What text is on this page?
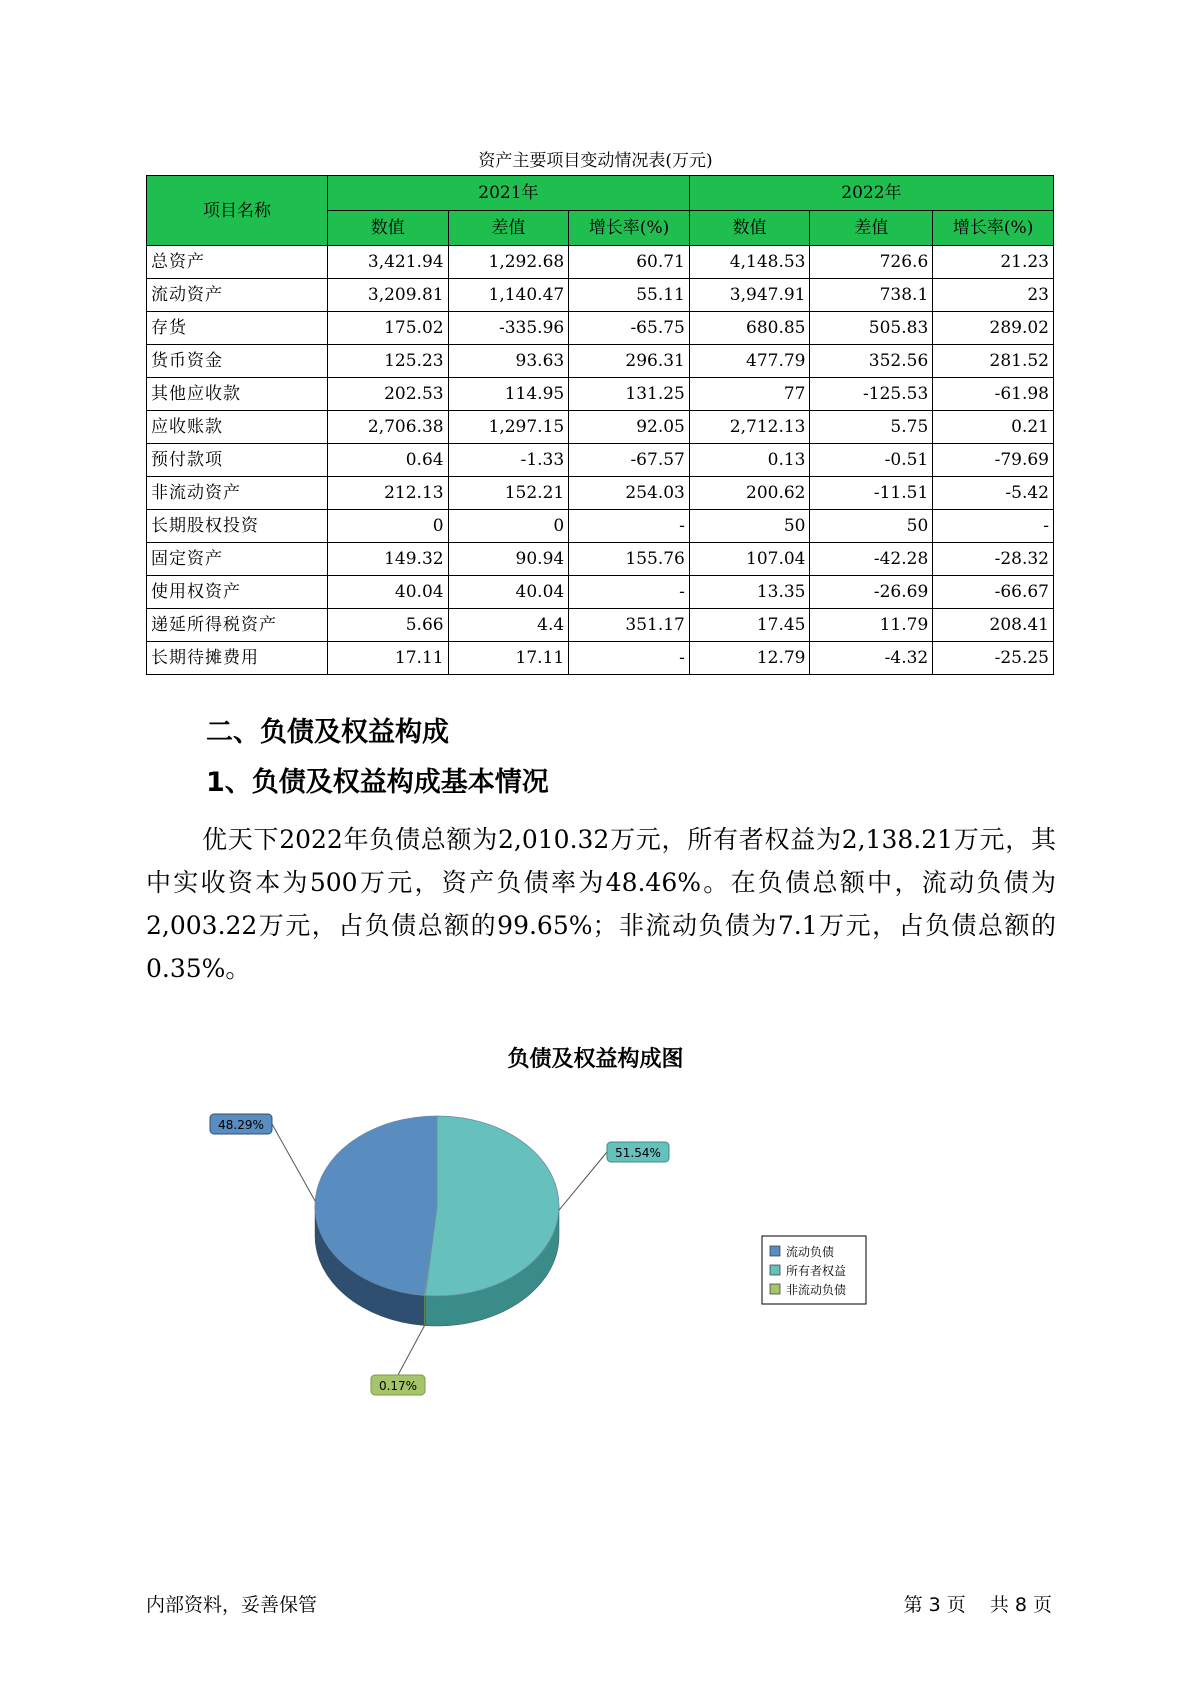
资产主要项目变动情况表(万元)
项目名称	2021年			2022年		
	数值	差值	增长率(%)	数值	差值	增长率(%)
总资产	3,421.94	1,292.68	60.71	4,148.53	726.6	21.23
流动资产	3,209.81	1,140.47	55.11	3,947.91	738.1	23
存货	175.02	-335.96	-65.75	680.85	505.83	289.02
货币资金	125.23	93.63	296.31	477.79	352.56	281.52
其他应收款	202.53	114.95	131.25	77	-125.53	-61.98
应收账款	2,706.38	1,297.15	92.05	2,712.13	5.75	0.21
预付款项	0.64	-1.33	-67.57	0.13	-0.51	-79.69
非流动资产	212.13	152.21	254.03	200.62	-11.51	-5.42
长期股权投资	0	0	-	50	50	-
固定资产	149.32	90.94	155.76	107.04	-42.28	-28.32
使用权资产	40.04	40.04	-	13.35	-26.69	-66.67
递延所得税资产	5.66	4.4	351.17	17.45	11.79	208.41
长期待摊费用	17.11	17.11	-	12.79	-4.32	-25.25
二、负债及权益构成
1、负债及权益构成基本情况
优天下2022年负债总额为2,010.32万元，所有者权益为2,138.21万元，其中实收资本为500万元，资产负债率为48.46%。在负债总额中，流动负债为2,003.22万元，占负债总额的99.65%；非流动负债为7.1万元，占负债总额的0.35%。
负债及权益构成图
51.54%
0.17%
48.29%
流动负债
所有者权益
非流动负债
内部资料，妥善保管	第 3 页 共 8 页
